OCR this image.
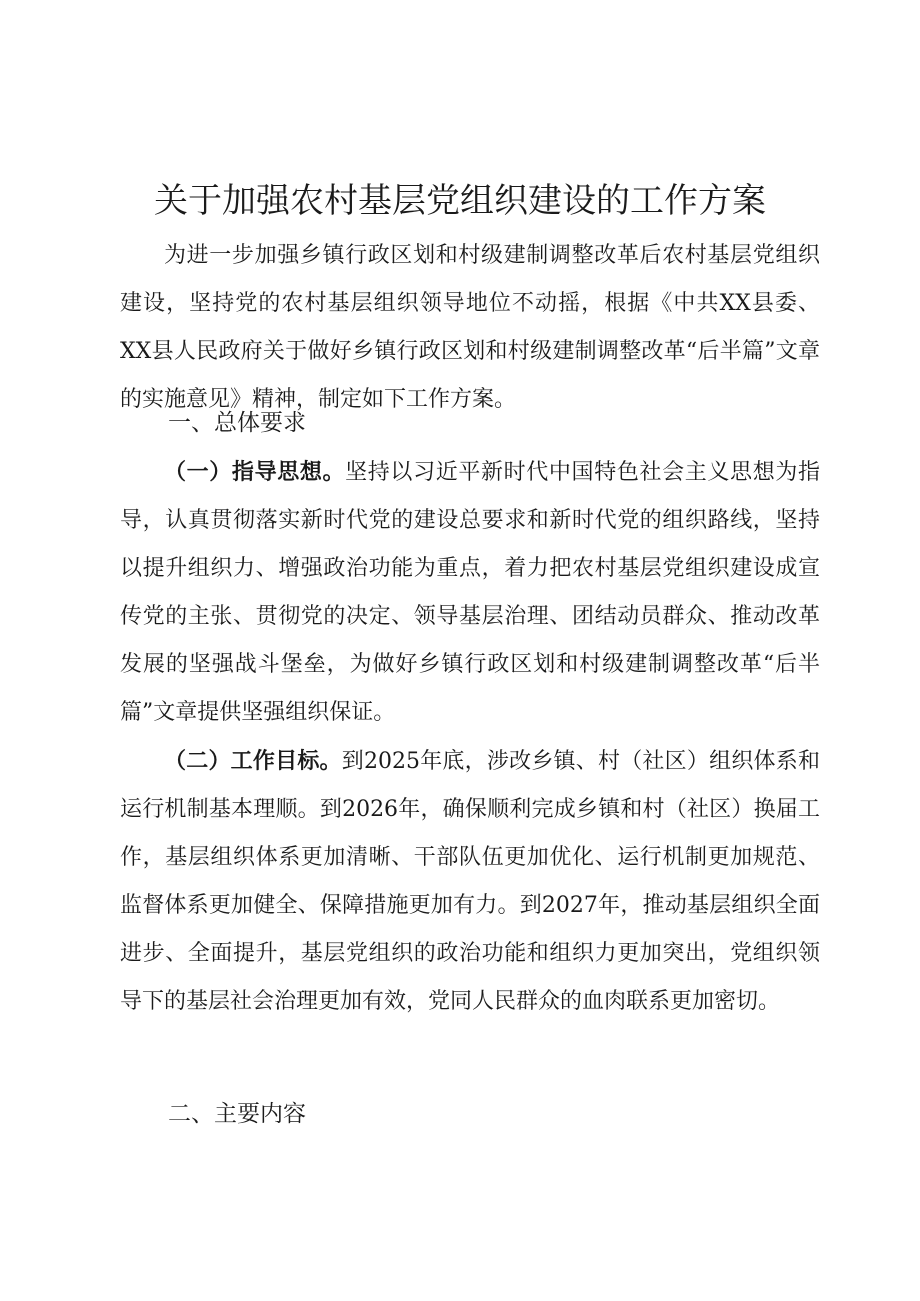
关于加强农村基层党组织建设的工作方案

为进一步加强乡镇行政区划和村级建制调整改革后农村基层党组织建设，坚持党的农村基层组织领导地位不动摇，根据《中共XX县委、XX县人民政府关于做好乡镇行政区划和村级建制调整改革“后半篇”文章的实施意见》精神，制定如下工作方案。

一、总体要求

（一）指导思想。坚持以习近平新时代中国特色社会主义思想为指导，认真贯彻落实新时代党的建设总要求和新时代党的组织路线，坚持以提升组织力、增强政治功能为重点，着力把农村基层党组织建设成宣传党的主张、贯彻党的决定、领导基层治理、团结动员群众、推动改革发展的坚强战斗堡垒，为做好乡镇行政区划和村级建制调整改革“后半篇”文章提供坚强组织保证。

（二）工作目标。到2025年底，涉改乡镇、村（社区）组织体系和运行机制基本理顺。到2026年，确保顺利完成乡镇和村（社区）换届工作，基层组织体系更加清晰、干部队伍更加优化、运行机制更加规范、监督体系更加健全、保障措施更加有力。到2027年，推动基层组织全面进步、全面提升，基层党组织的政治功能和组织力更加突出，党组织领导下的基层社会治理更加有效，党同人民群众的血肉联系更加密切。

二、主要内容
